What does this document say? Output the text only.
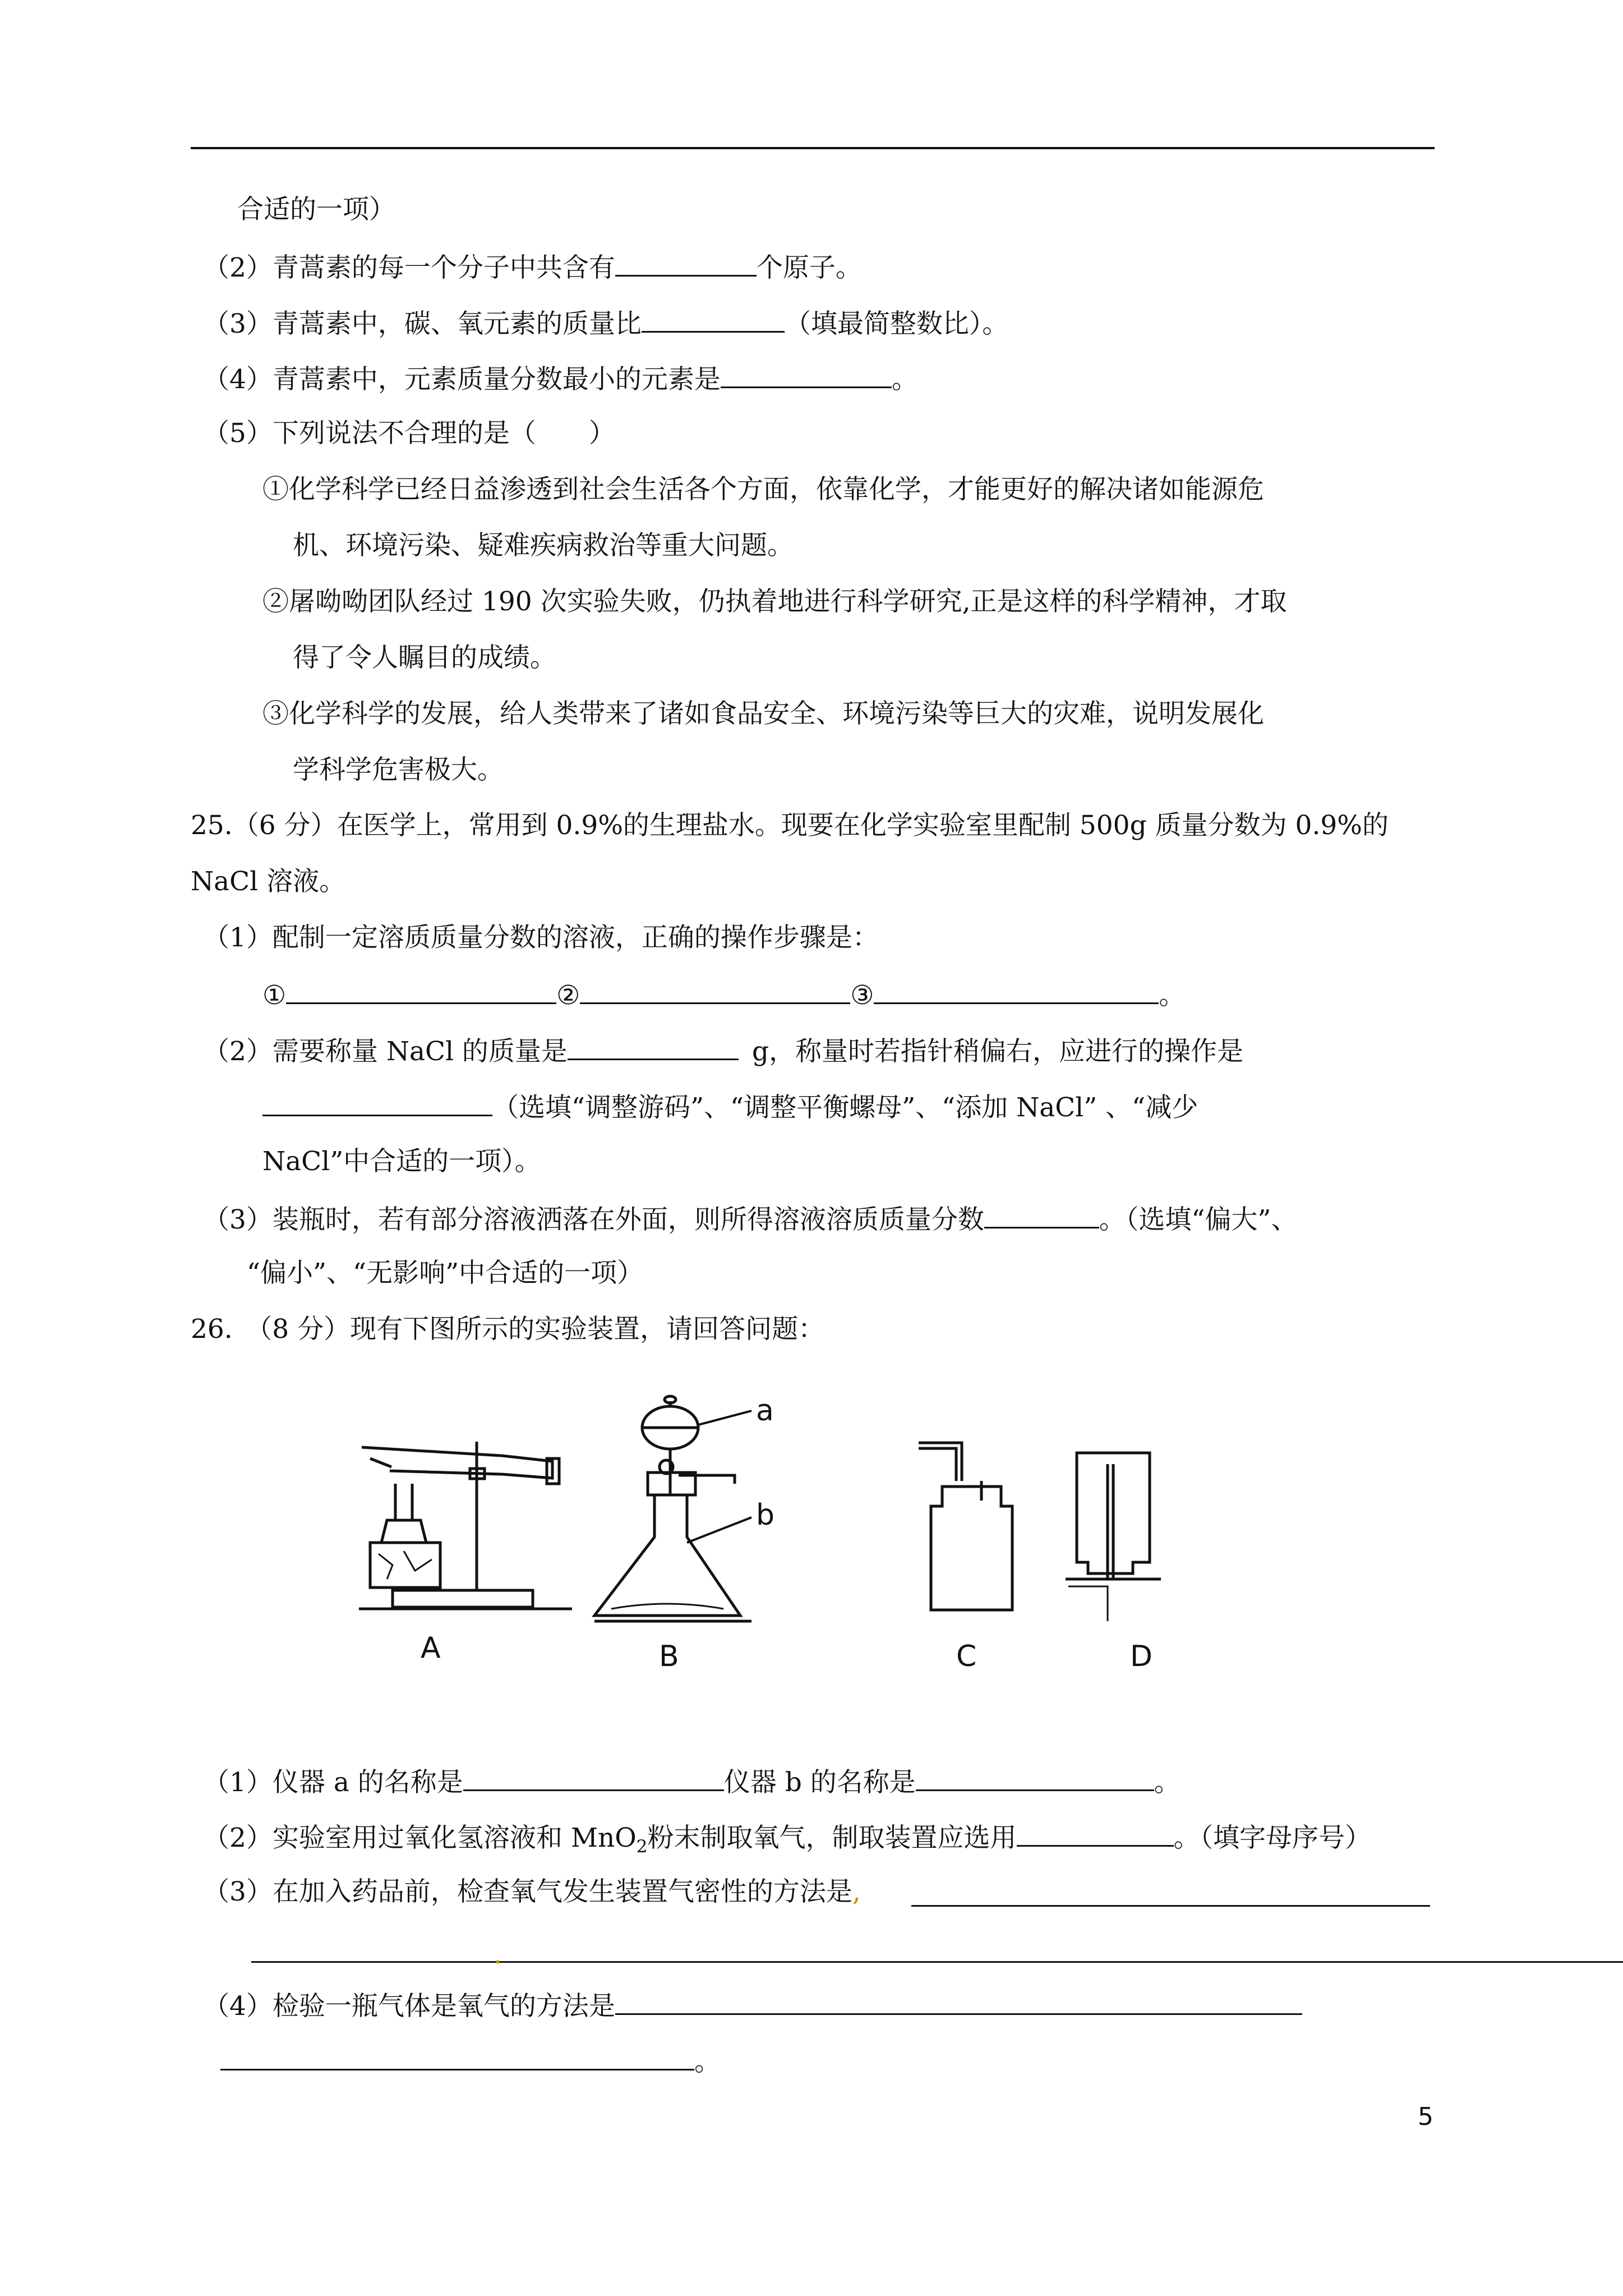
合适的一项）
（2）青蒿素的每一个分子中共含有	个原子。
（3）青蒿素中，碳、氧元素的质量比	（填最简整数比）。
（4）青蒿素中，元素质量分数最小的元素是	。
（5）下列说法不合理的是（　　）
①化学科学已经日益渗透到社会生活各个方面，依靠化学，才能更好的解决诸如能源危
机、环境污染、疑难疾病救治等重大问题。
②屠呦呦团队经过 190 次实验失败，仍执着地进行科学研究,正是这样的科学精神，才取
得了令人瞩目的成绩。
③化学科学的发展，给人类带来了诸如食品安全、环境污染等巨大的灾难，说明发展化
学科学危害极大。
25.（6 分）在医学上，常用到 0.9%的生理盐水。现要在化学实验室里配制 500g 质量分数为 0.9%的
NaCl 溶液。
（1）配制一定溶质质量分数的溶液，正确的操作步骤是：
①	②	③	。
（2）需要称量 NaCl 的质量是	g，称量时若指针稍偏右，应进行的操作是
（选填“调整游码”、“调整平衡螺母”、“添加 NaCl” 、“减少
NaCl”中合适的一项）。
（3）装瓶时，若有部分溶液洒落在外面，则所得溶液溶质质量分数	。（选填“偏大”、
“偏小”、“无影响”中合适的一项）
26.　（8 分）现有下图所示的实验装置，请回答问题：
a
b
A	B	C	D
（1）仪器 a 的名称是	仪器 b 的名称是	。
（2）实验室用过氧化氢溶液和 MnO$_2$粉末制取氧气，制取装置应选用	。（填字母序号）
（3）在加入药品前，检查氧气发生装置气密性的方法是,
.
（4）检验一瓶气体是氧气的方法是
。
5
